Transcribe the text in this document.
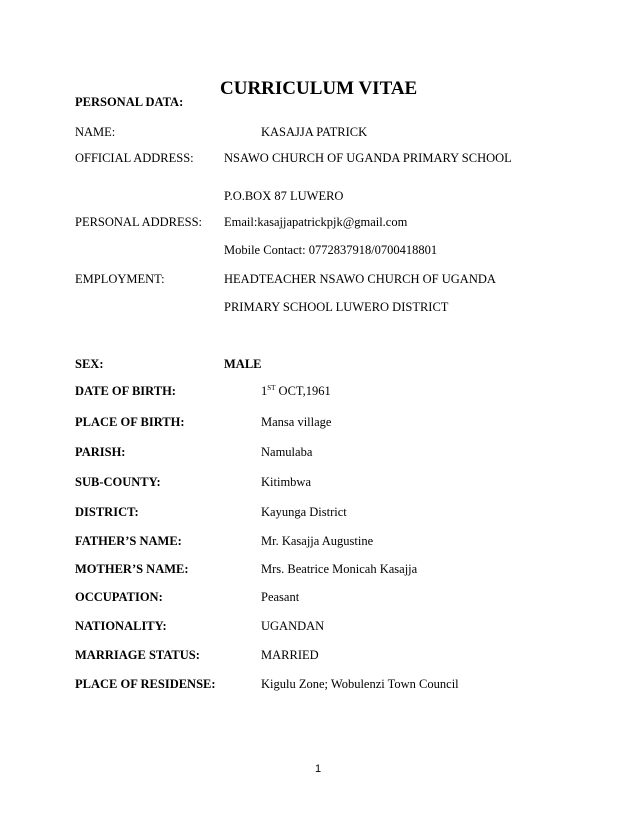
CURRICULUM VITAE
PERSONAL DATA:
NAME:	KASAJJA PATRICK
OFFICIAL ADDRESS: NSAWO CHURCH OF UGANDA PRIMARY SCHOOL
P.O.BOX 87 LUWERO
PERSONAL ADDRESS: Email:kasajjapatrickpjk@gmail.com
Mobile Contact: 0772837918/0700418801
EMPLOYMENT:	HEADTEACHER NSAWO CHURCH OF UGANDA
PRIMARY SCHOOL LUWERO DISTRICT
SEX:	MALE
DATE OF BIRTH:	1ST OCT,1961
PLACE OF BIRTH:	Mansa village
PARISH:	Namulaba
SUB-COUNTY:	Kitimbwa
DISTRICT:	Kayunga District
FATHER’S NAME:	Mr. Kasajja Augustine
MOTHER’S NAME:	Mrs. Beatrice Monicah Kasajja
OCCUPATION:	Peasant
NATIONALITY:	UGANDAN
MARRIAGE STATUS:	MARRIED
PLACE OF RESIDENSE:	Kigulu Zone; Wobulenzi Town Council
1
